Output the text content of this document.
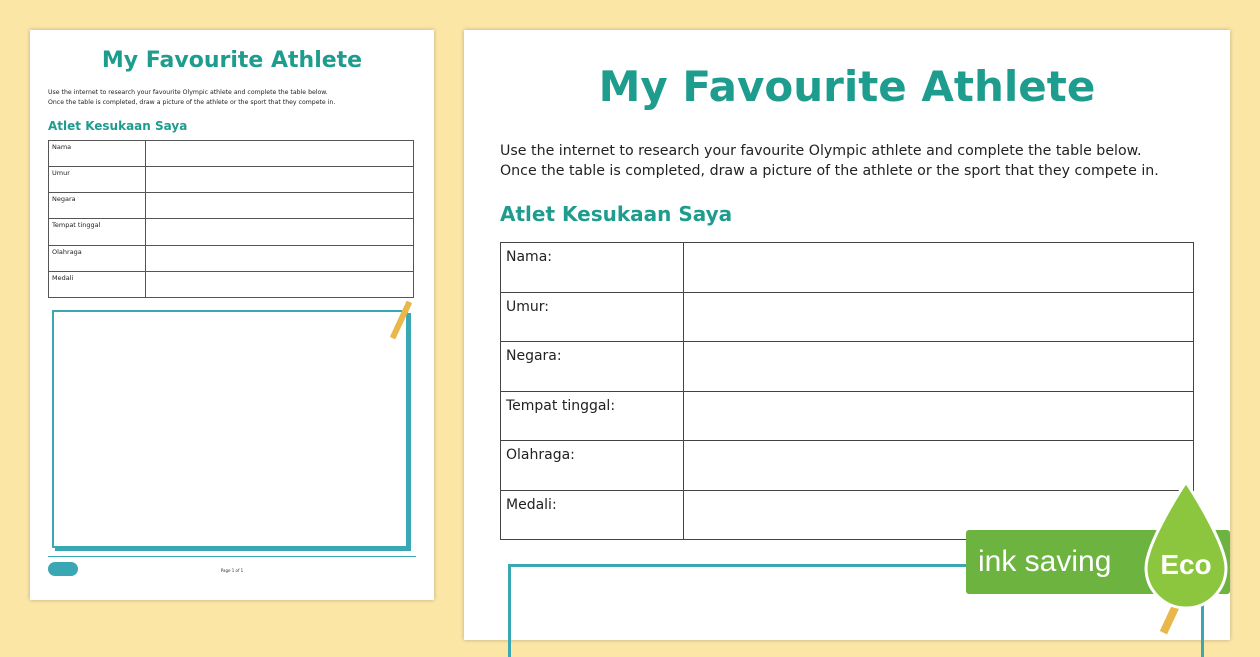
My Favourite Athlete
Use the internet to research your favourite Olympic athlete and complete the table below.
Once the table is completed, draw a picture of the athlete or the sport that they compete in.
Atlet Kesukaan Saya
Nama	
Umur	
Negara	
Tempat tinggal	
Olahraga	
Medali	
Page 1 of 1
My Favourite Athlete
Use the internet to research your favourite Olympic athlete and complete the table below.
Once the table is completed, draw a picture of the athlete or the sport that they compete in.
Atlet Kesukaan Saya
Nama:	
Umur:	
Negara:	
Tempat tinggal:	
Olahraga:	
Medali:	
ink saving Eco
